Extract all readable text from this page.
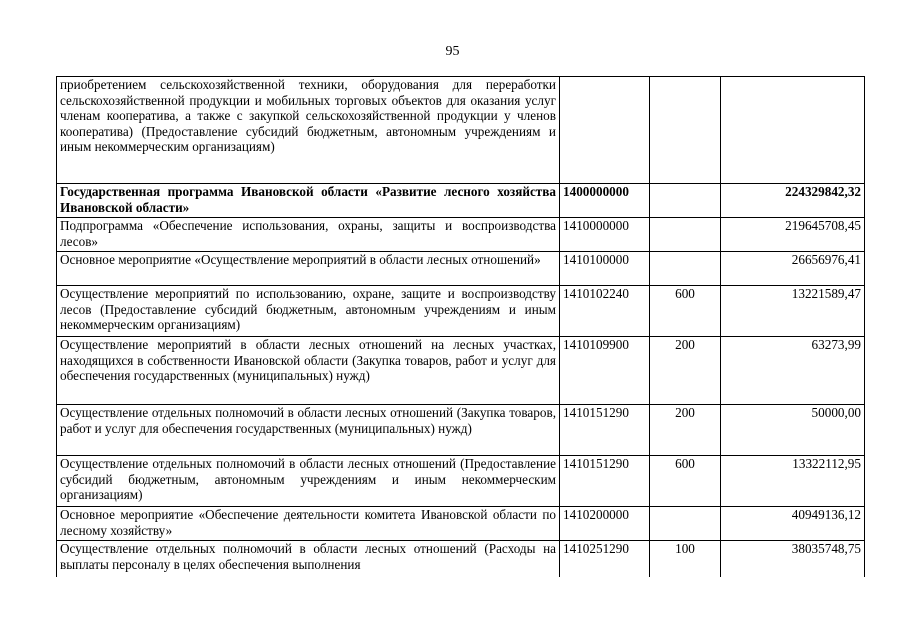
95
приобретением сельскохозяйственной техники, оборудования для переработки сельскохозяйственной продукции и мобильных торговых объектов для оказания услуг членам кооператива, а также с закупкой сельскохозяйственной продукции у членов кооператива) (Предоставление субсидий бюджетным, автономным учреждениям и иным некоммерческим организациям)			
Государственная программа Ивановской области «Развитие лесного хозяйства Ивановской области»	1400000000		224329842,32
Подпрограмма «Обеспечение использования, охраны, защиты и воспроизводства лесов»	1410000000		219645708,45
Основное мероприятие «Осуществление мероприятий в области лесных отношений»	1410100000		26656976,41
Осуществление мероприятий по использованию, охране, защите и воспроизводству лесов (Предоставление субсидий бюджетным, автономным учреждениям и иным некоммерческим организациям)	1410102240	600	13221589,47
Осуществление мероприятий в области лесных отношений на лесных участках, находящихся в собственности Ивановской области (Закупка товаров, работ и услуг для обеспечения государственных (муниципальных) нужд)	1410109900	200	63273,99
Осуществление отдельных полномочий в области лесных отношений (Закупка товаров, работ и услуг для обеспечения государственных (муниципальных) нужд)	1410151290	200	50000,00
Осуществление отдельных полномочий в области лесных отношений (Предоставление субсидий бюджетным, автономным учреждениям и иным некоммерческим организациям)	1410151290	600	13322112,95
Основное мероприятие «Обеспечение деятельности комитета Ивановской области по лесному хозяйству»	1410200000		40949136,12
Осуществление отдельных полномочий в области лесных отношений (Расходы на выплаты персоналу в целях обеспечения выполнения	1410251290	100	38035748,75
